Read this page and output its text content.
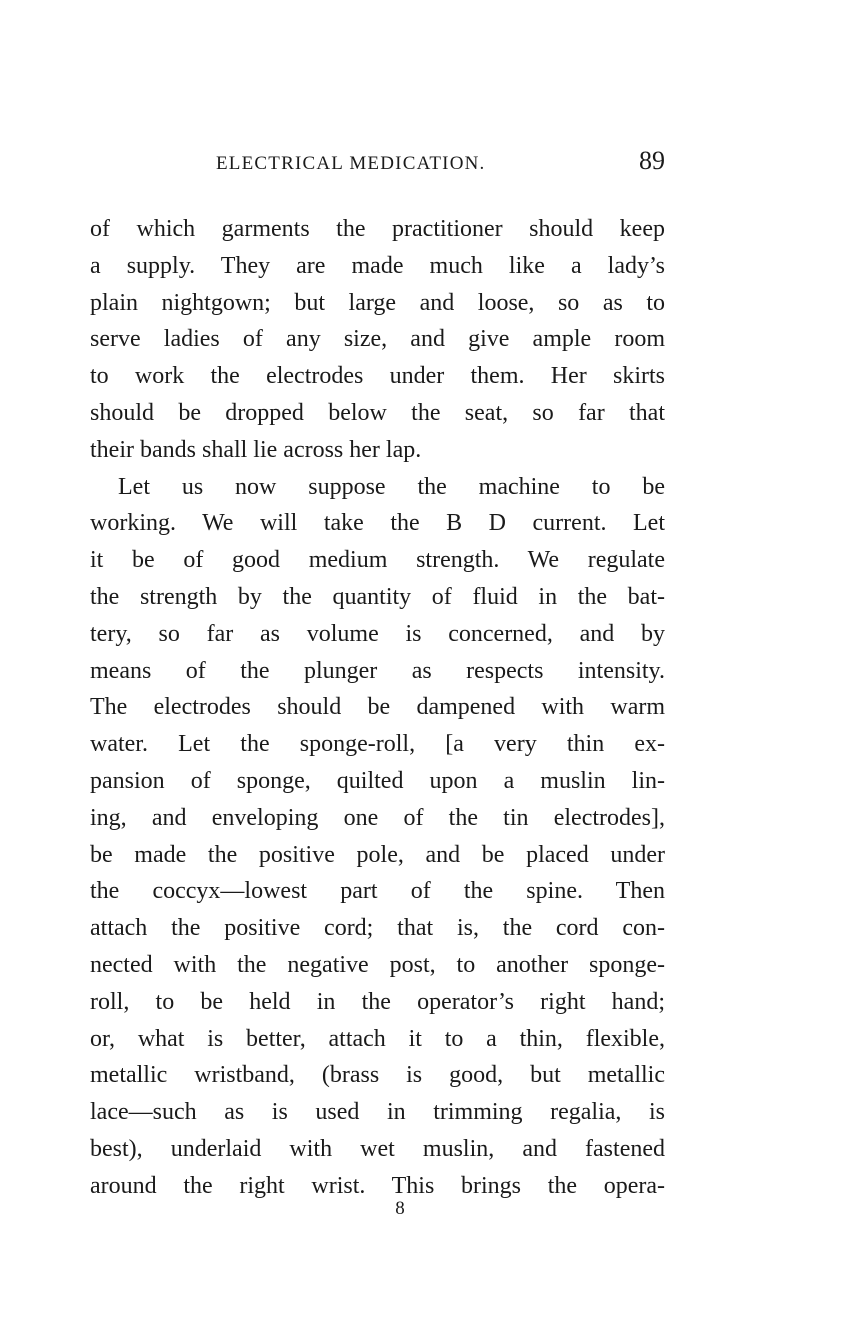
ELECTRICAL MEDICATION.	89
of which garments the practitioner should keep
a supply. They are made much like a lady’s
plain nightgown; but large and loose, so as to
serve ladies of any size, and give ample room
to work the electrodes under them. Her skirts
should be dropped below the seat, so far that
their bands shall lie across her lap.
Let us now suppose the machine to be
working. We will take the B D current. Let
it be of good medium strength. We regulate
the strength by the quantity of fluid in the bat-
tery, so far as volume is concerned, and by
means of the plunger as respects intensity.
The electrodes should be dampened with warm
water. Let the sponge-roll, [a very thin ex-
pansion of sponge, quilted upon a muslin lin-
ing, and enveloping one of the tin electrodes],
be made the positive pole, and be placed under
the coccyx—lowest part of the spine. Then
attach the positive cord; that is, the cord con-
nected with the negative post, to another sponge-
roll, to be held in the operator’s right hand;
or, what is better, attach it to a thin, flexible,
metallic wristband, (brass is good, but metallic
lace—such as is used in trimming regalia, is
best), underlaid with wet muslin, and fastened
around the right wrist. This brings the opera-
8
